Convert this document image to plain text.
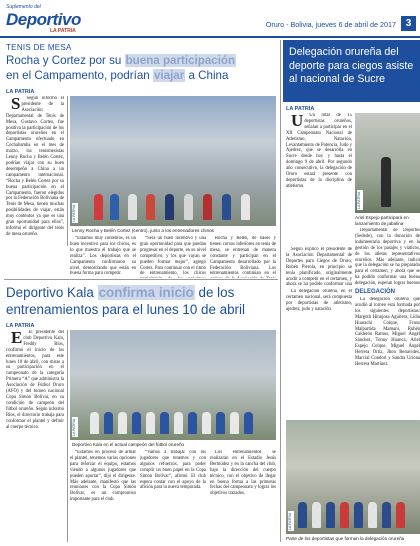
Suplemento del
Deportivo
LA PATRIA
Oruro - Bolivia, jueves 6 de abril de 2017 3
TENIS DE MESA
Rocha y Cortez por su buena participación
en el Campamento, podrían viajar a China
LA PATRIA

S Según informó el presidente de la Asociación Departamental de Tenis de Mesa, Gustavo Cortez, fue positiva la participación de los deportistas orureños en el Campamento efectuado en Cochabamba en el mes de marzo, los tenismesistas Lenny Rocha y Belén Cortez, podrían viajar con su buen desempeño a China a un campamento internacional. “Rocha y Belén Cortez por su buena participación en el Campamento, fueron elegidos por la Federación Boliviana de Tenis de Mesa, tienen muchas posibilidades de viajar, están muy contentos ya que es una gran oportunidad para ellos”, informó el dirigente del tenis de mesa orureño.

LA PATRIA
Lenny Rocha y Belén Cortez (centro), junto a los entrenadores chinos

“Estamos muy contentos, es un buen incentivo para los chicos, es lo que muestra el trabajo que se realiza”. Los deportistas en el Campamento confirmaron su nivel, demostrando que están en buena forma para competir.

“Será un buen incentivo y una gran oportunidad para que puedan progresar en el deporte, en su nivel competitivo, y los que vayan se pueden formar mejor”, agregó Cortez. Para continuar con el ritmo de entrenamiento, los chicos

Rocha y Belén, de bases y tienen cursos inferiores en tenis de mesa, se entrenan de manera constante y participan en el Campamento desarrollado por la Federación Boliviana. Los entrenamientos continúan en el

Deportivo Kala confirma inicio de los
entrenamientos para el lunes 10 de abril
LA PATRIA

E El presidente del club Deportivo Kala, Freddy Ríos, confirmó el inicio de los entrenamientos, para este lunes 10 de abril, con miras a su participación en el campeonato de la categoría Primera “A” que administra la Asociación de Fútbol Oruro (AFO) y del torneo nacional Copa Simón Bolívar, en su condición de campeón del fútbol orureño. Según informó Ríos, el directorio trabaja para conformar el plantel y definir al cuerpo técnico.	LA PATRIA
Deportivo Kala en el actual campeón del fútbol orureño

“Estamos en proceso de armar el plantel, tenemos varias opciones para reforzar el equipo, estamos viendo a algunos jugadores que pueden aportar”, dijo el dirigente. Más adelante, manifestó que las reuniones con la Copa Simón Bolívar, es un compromiso importante para el club.

“Vamos a trabajar con los jugadores que tenemos y con algunos refuerzos, para poder cumplir un buen papel en la Copa Simón Bolívar”, afirmó. El club espera contar con el apoyo de la afición para la nueva temporada.

Los entrenamientos se realizarán en el Estadio Jesús Bermúdez y en la cancha del club, bajo la dirección del cuerpo técnico, con el objetivo de llegar en buena forma a las primeras fechas del campeonato y lograr los objetivos trazados.

Delegación orureña del deporte para ciegos asiste al nacional de Sucre
LA PATRIA

U Un total de 15 deportistas orureños, señalan a participar en el XII Campeonato Nacional de Atletismo, Natación, Levantamiento de Potencia, Judo y Ajedrez, que se desarrolla en Sucre desde hoy y hasta el domingo 9 de abril. Por segundo año consecutivo, la delegación de Oruro estará presente con deportistas de la disciplina de atletismo.

Según explicó el presidente de la Asociación Departamental de Deportes para Ciegos de Oruro, Rubén Pierola, en principio se tenía planificado, originalmente acudir a competir en el certamen, y ahora se ha podido conformar una

LA PATRIA
Ariel Espejo participará en lanzamiento de jabalina

Departamental de Deportes (Sedede), con la donación de indumentaria deportiva y en la gestión de los pasajes y viáticos, de los atletas representativos orureños. Más adelante, indicó que la delegación se ha preparado para el certamen, y ahora que se ha podido conformar una buena delegación, esperan lograr buenos

DELEGACIÓN

La delegación orureña que acudió al torneo está formada por los siguientes deportistas: Margoth Hinojosa Aguilera, Lidia Huarachi Colque, Franz Malpartida Mamani, Rubén Calderón Ramos, Miguel Ángel Sánchez, Tonny Huanca, Ariel Espejo Colque, Miguel Ángel Herrera Ortiz, Jhon Benavides, Marcial Condori y Sandra Uriona Herrera Martínez.

La delegación orureña, en el certamen nacional, será compuesta por deportistas de atletismo, ajedrez, judo y natación.

LA PATRIA
Parte de los deportistas que forman la delegación orureña
